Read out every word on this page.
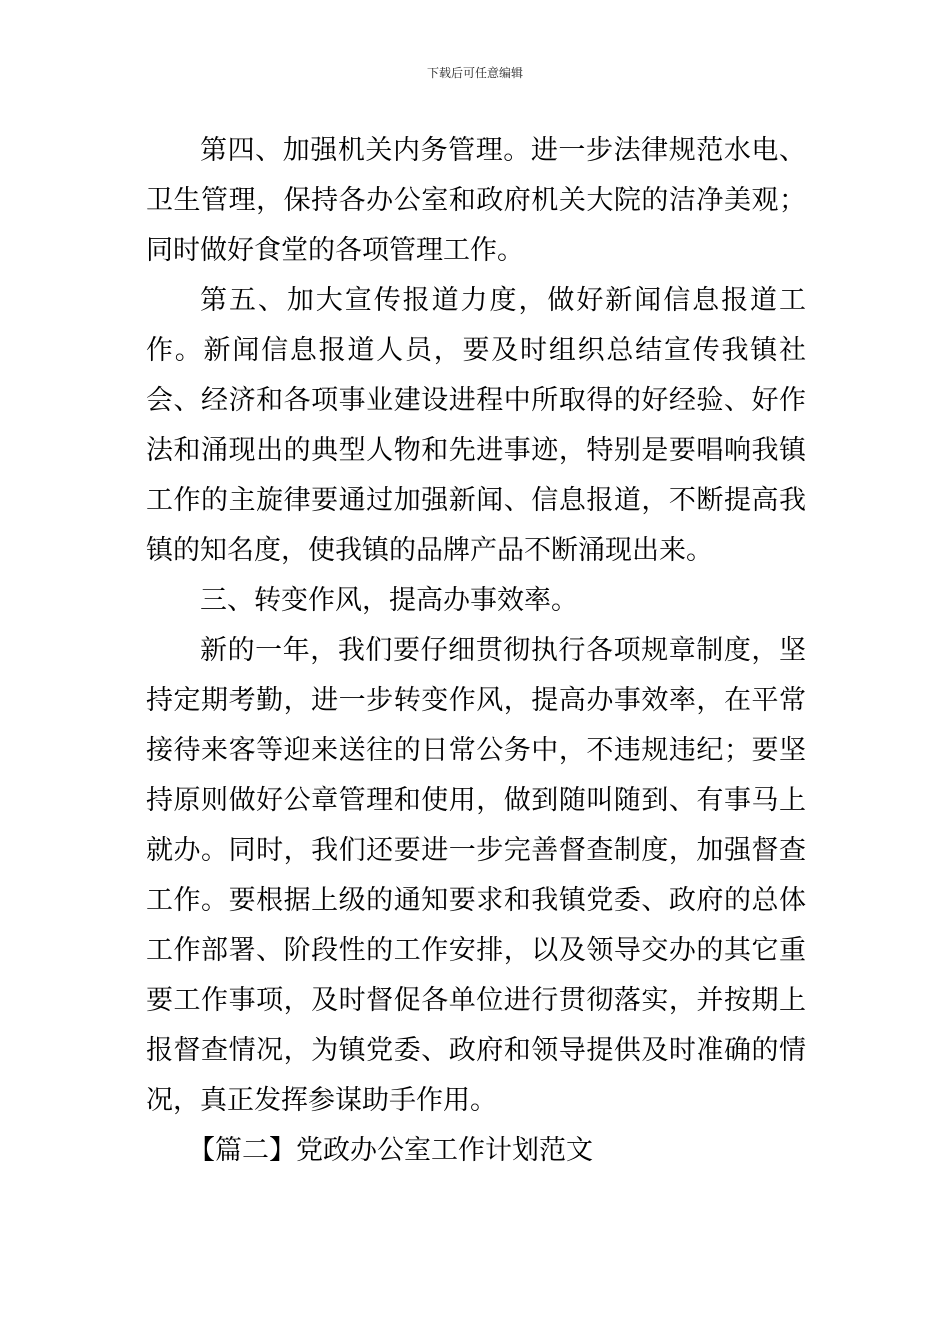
下载后可任意编辑

第四、加强机关内务管理。进一步法律规范水电、卫生管理，保持各办公室和政府机关大院的洁净美观；同时做好食堂的各项管理工作。

第五、加大宣传报道力度，做好新闻信息报道工作。新闻信息报道人员，要及时组织总结宣传我镇社会、经济和各项事业建设进程中所取得的好经验、好作法和涌现出的典型人物和先进事迹，特别是要唱响我镇工作的主旋律要通过加强新闻、信息报道，不断提高我镇的知名度，使我镇的品牌产品不断涌现出来。

三、转变作风，提高办事效率。

新的一年，我们要仔细贯彻执行各项规章制度，坚持定期考勤，进一步转变作风，提高办事效率，在平常接待来客等迎来送往的日常公务中，不违规违纪；要坚持原则做好公章管理和使用，做到随叫随到、有事马上就办。同时，我们还要进一步完善督查制度，加强督查工作。要根据上级的通知要求和我镇党委、政府的总体工作部署、阶段性的工作安排，以及领导交办的其它重要工作事项，及时督促各单位进行贯彻落实，并按期上报督查情况，为镇党委、政府和领导提供及时准确的情况，真正发挥参谋助手作用。

【篇二】党政办公室工作计划范文
